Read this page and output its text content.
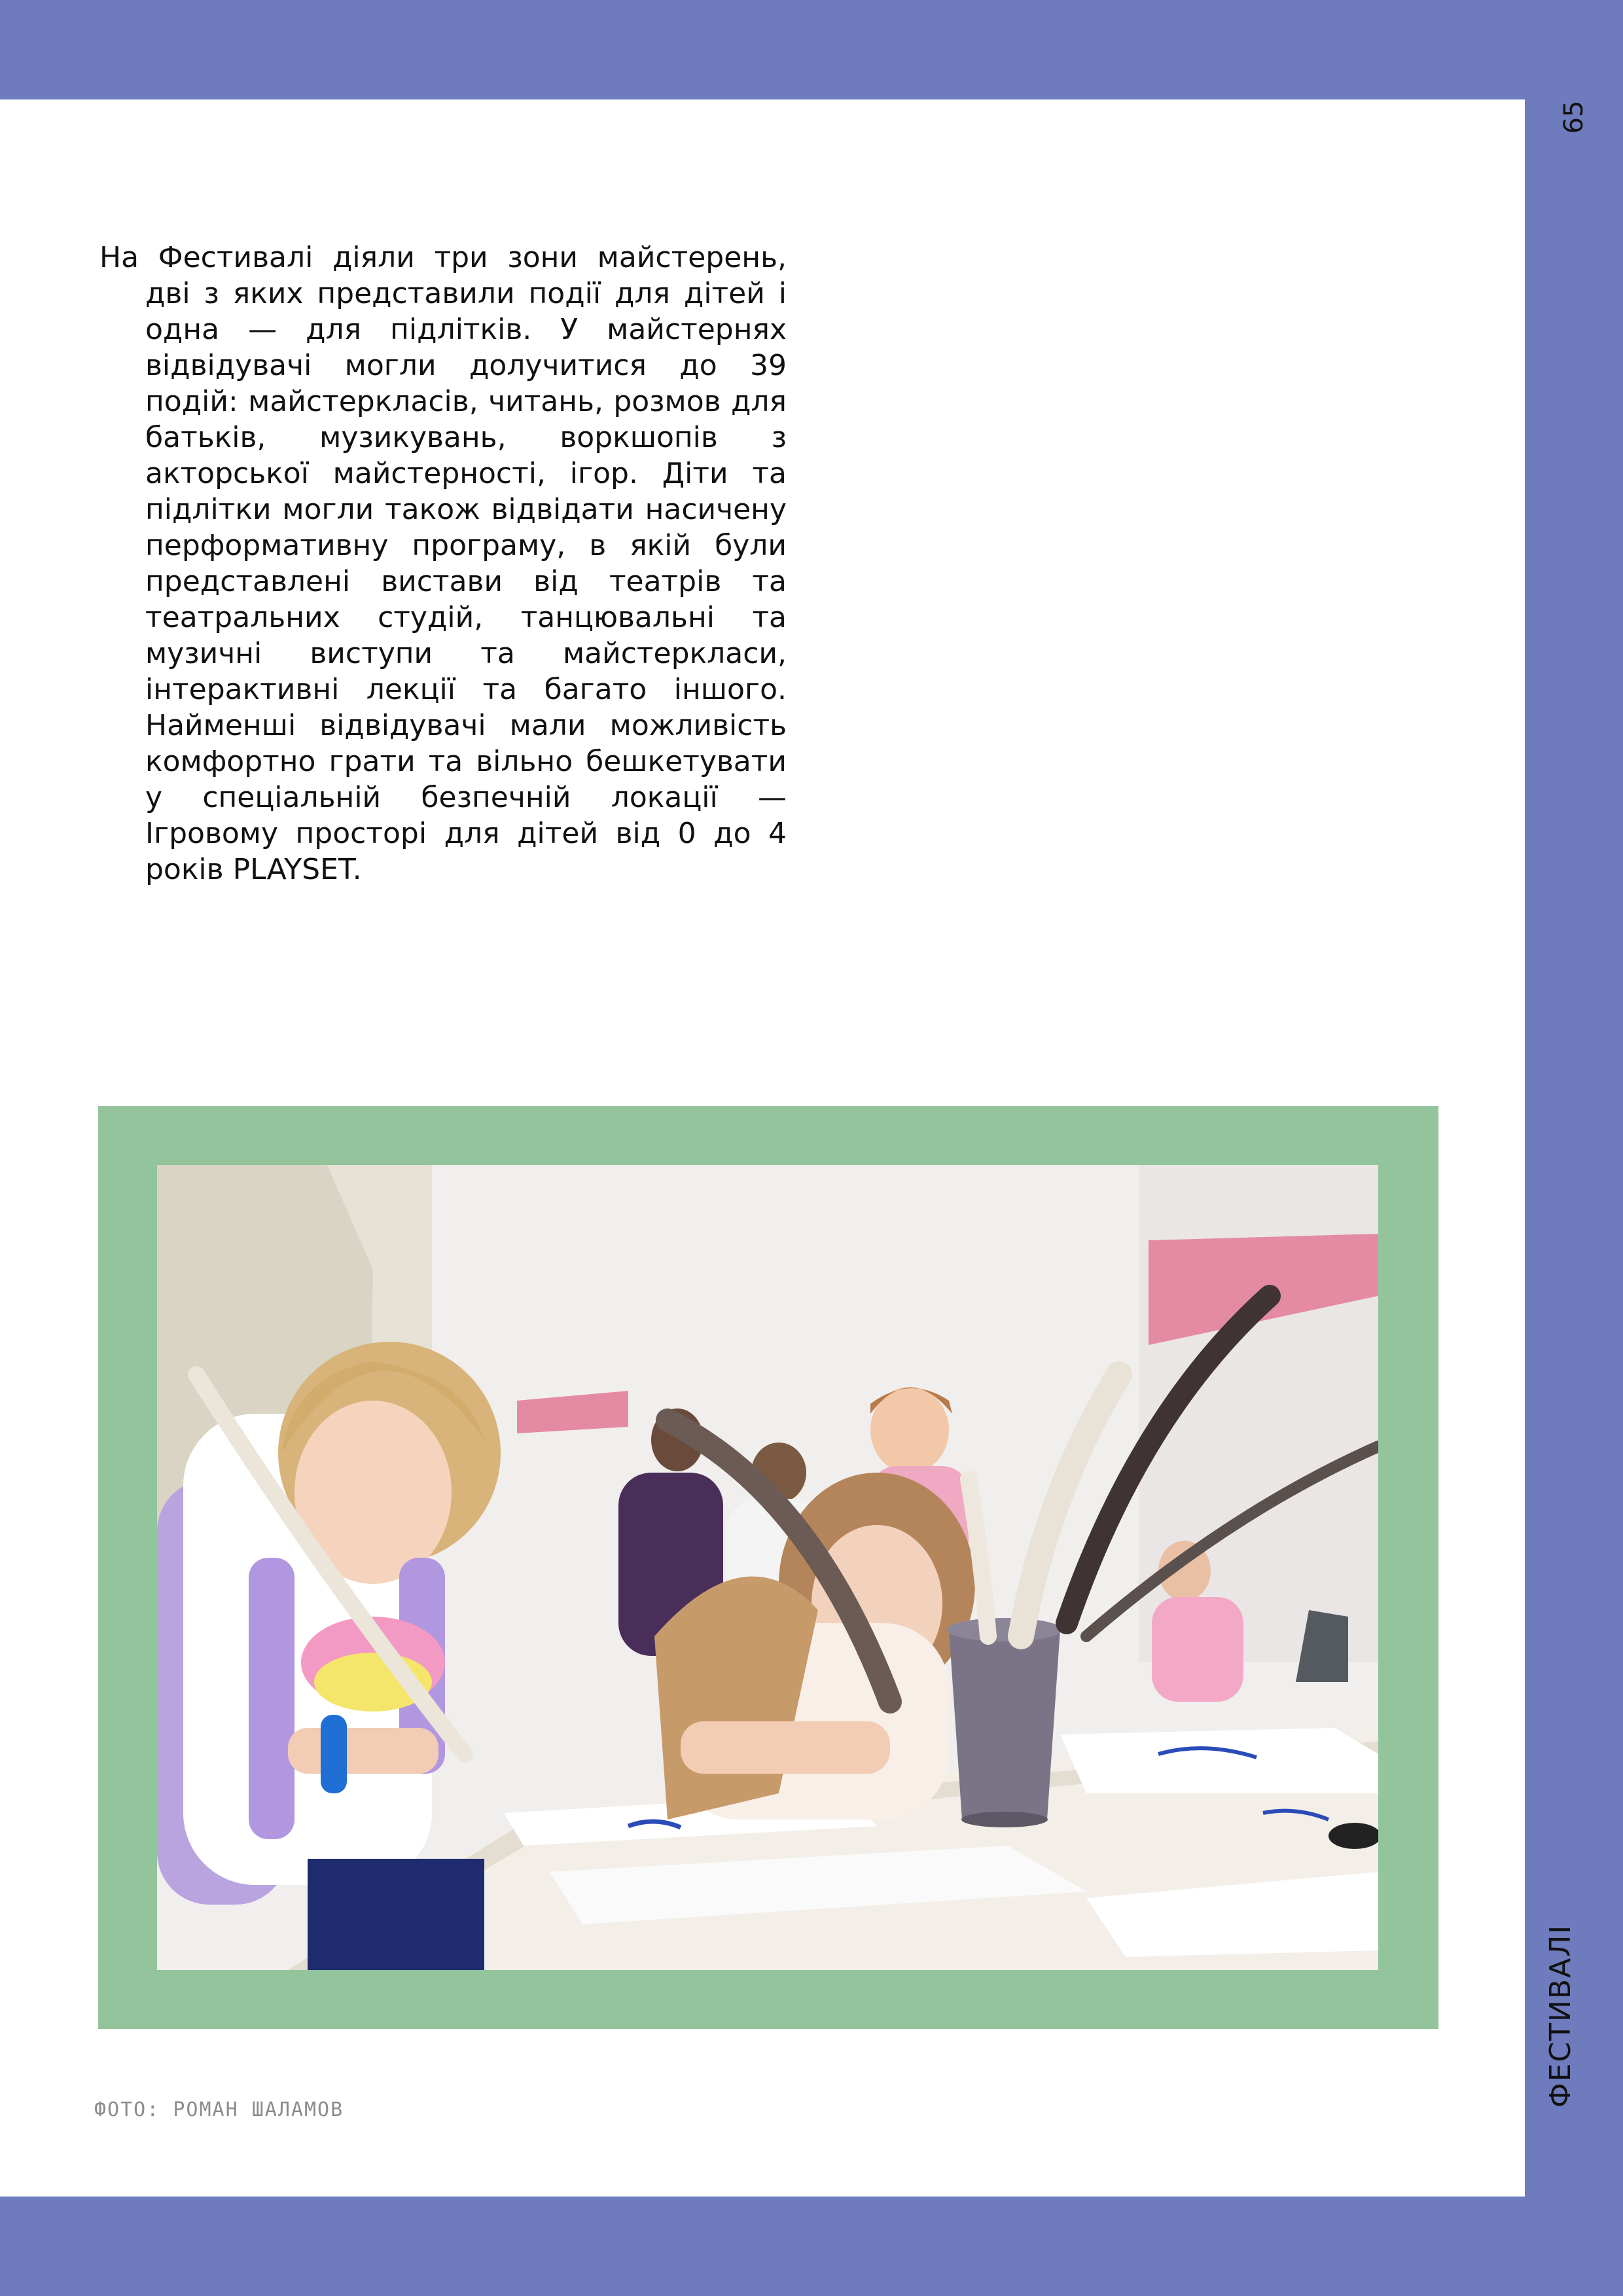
65
ФЕСТИВАЛІ

На Фестивалі діяли три зони майстерень, дві з яких представили події для дітей і одна — для підлітків. У майстернях відвідувачі могли долучитися до 39 подій: майстеркласів, читань, розмов для батьків, музикувань, воркшопів з акторської майстерності, ігор. Діти та підлітки могли також відвідати насичену перформативну програму, в якій були представлені вистави від театрів та театральних студій, танцювальні та музичні виступи та майстеркласи, інтерактивні лекції та багато іншого. Найменші відвідувачі мали можливість комфортно грати та вільно бешкетувати у спеціальній безпечній локації — Ігровому просторі для дітей від 0 до 4 років PLAYSET.

ФОТО: РОМАН ШАЛАМОВ
